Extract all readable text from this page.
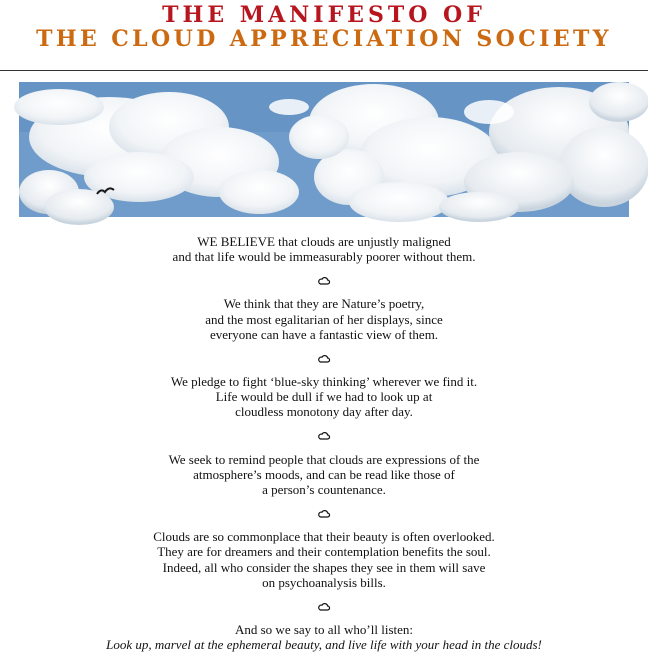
THE MANIFESTO OF
THE CLOUD APPRECIATION SOCIETY
WE BELIEVE that clouds are unjustly maligned
and that life would be immeasurably poorer without them.
We think that they are Nature’s poetry,
and the most egalitarian of her displays, since
everyone can have a fantastic view of them.
We pledge to fight ‘blue-sky thinking’ wherever we find it.
Life would be dull if we had to look up at
cloudless monotony day after day.
We seek to remind people that clouds are expressions of the
atmosphere’s moods, and can be read like those of
a person’s countenance.
Clouds are so commonplace that their beauty is often overlooked.
They are for dreamers and their contemplation benefits the soul.
Indeed, all who consider the shapes they see in them will save
on psychoanalysis bills.
And so we say to all who’ll listen:
Look up, marvel at the ephemeral beauty, and live life with your head in the clouds!
